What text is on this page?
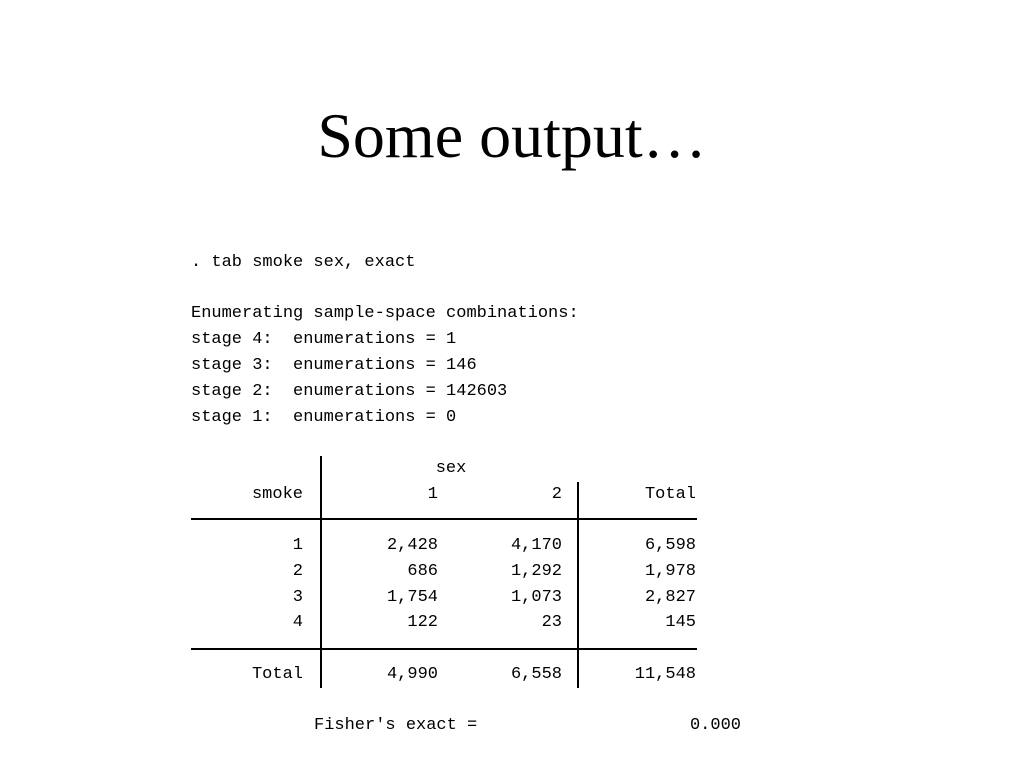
Some output…
. tab smoke sex, exact
Enumerating sample-space combinations:
stage 4:  enumerations = 1
stage 3:  enumerations = 146
stage 2:  enumerations = 142603
stage 1:  enumerations = 0
sex
smoke	1	2	Total
1	2,428	4,170	6,598
2	686	1,292	1,978
3	1,754	1,073	2,827
4	122	23	145
Total	4,990	6,558	11,548
Fisher's exact =	0.000
